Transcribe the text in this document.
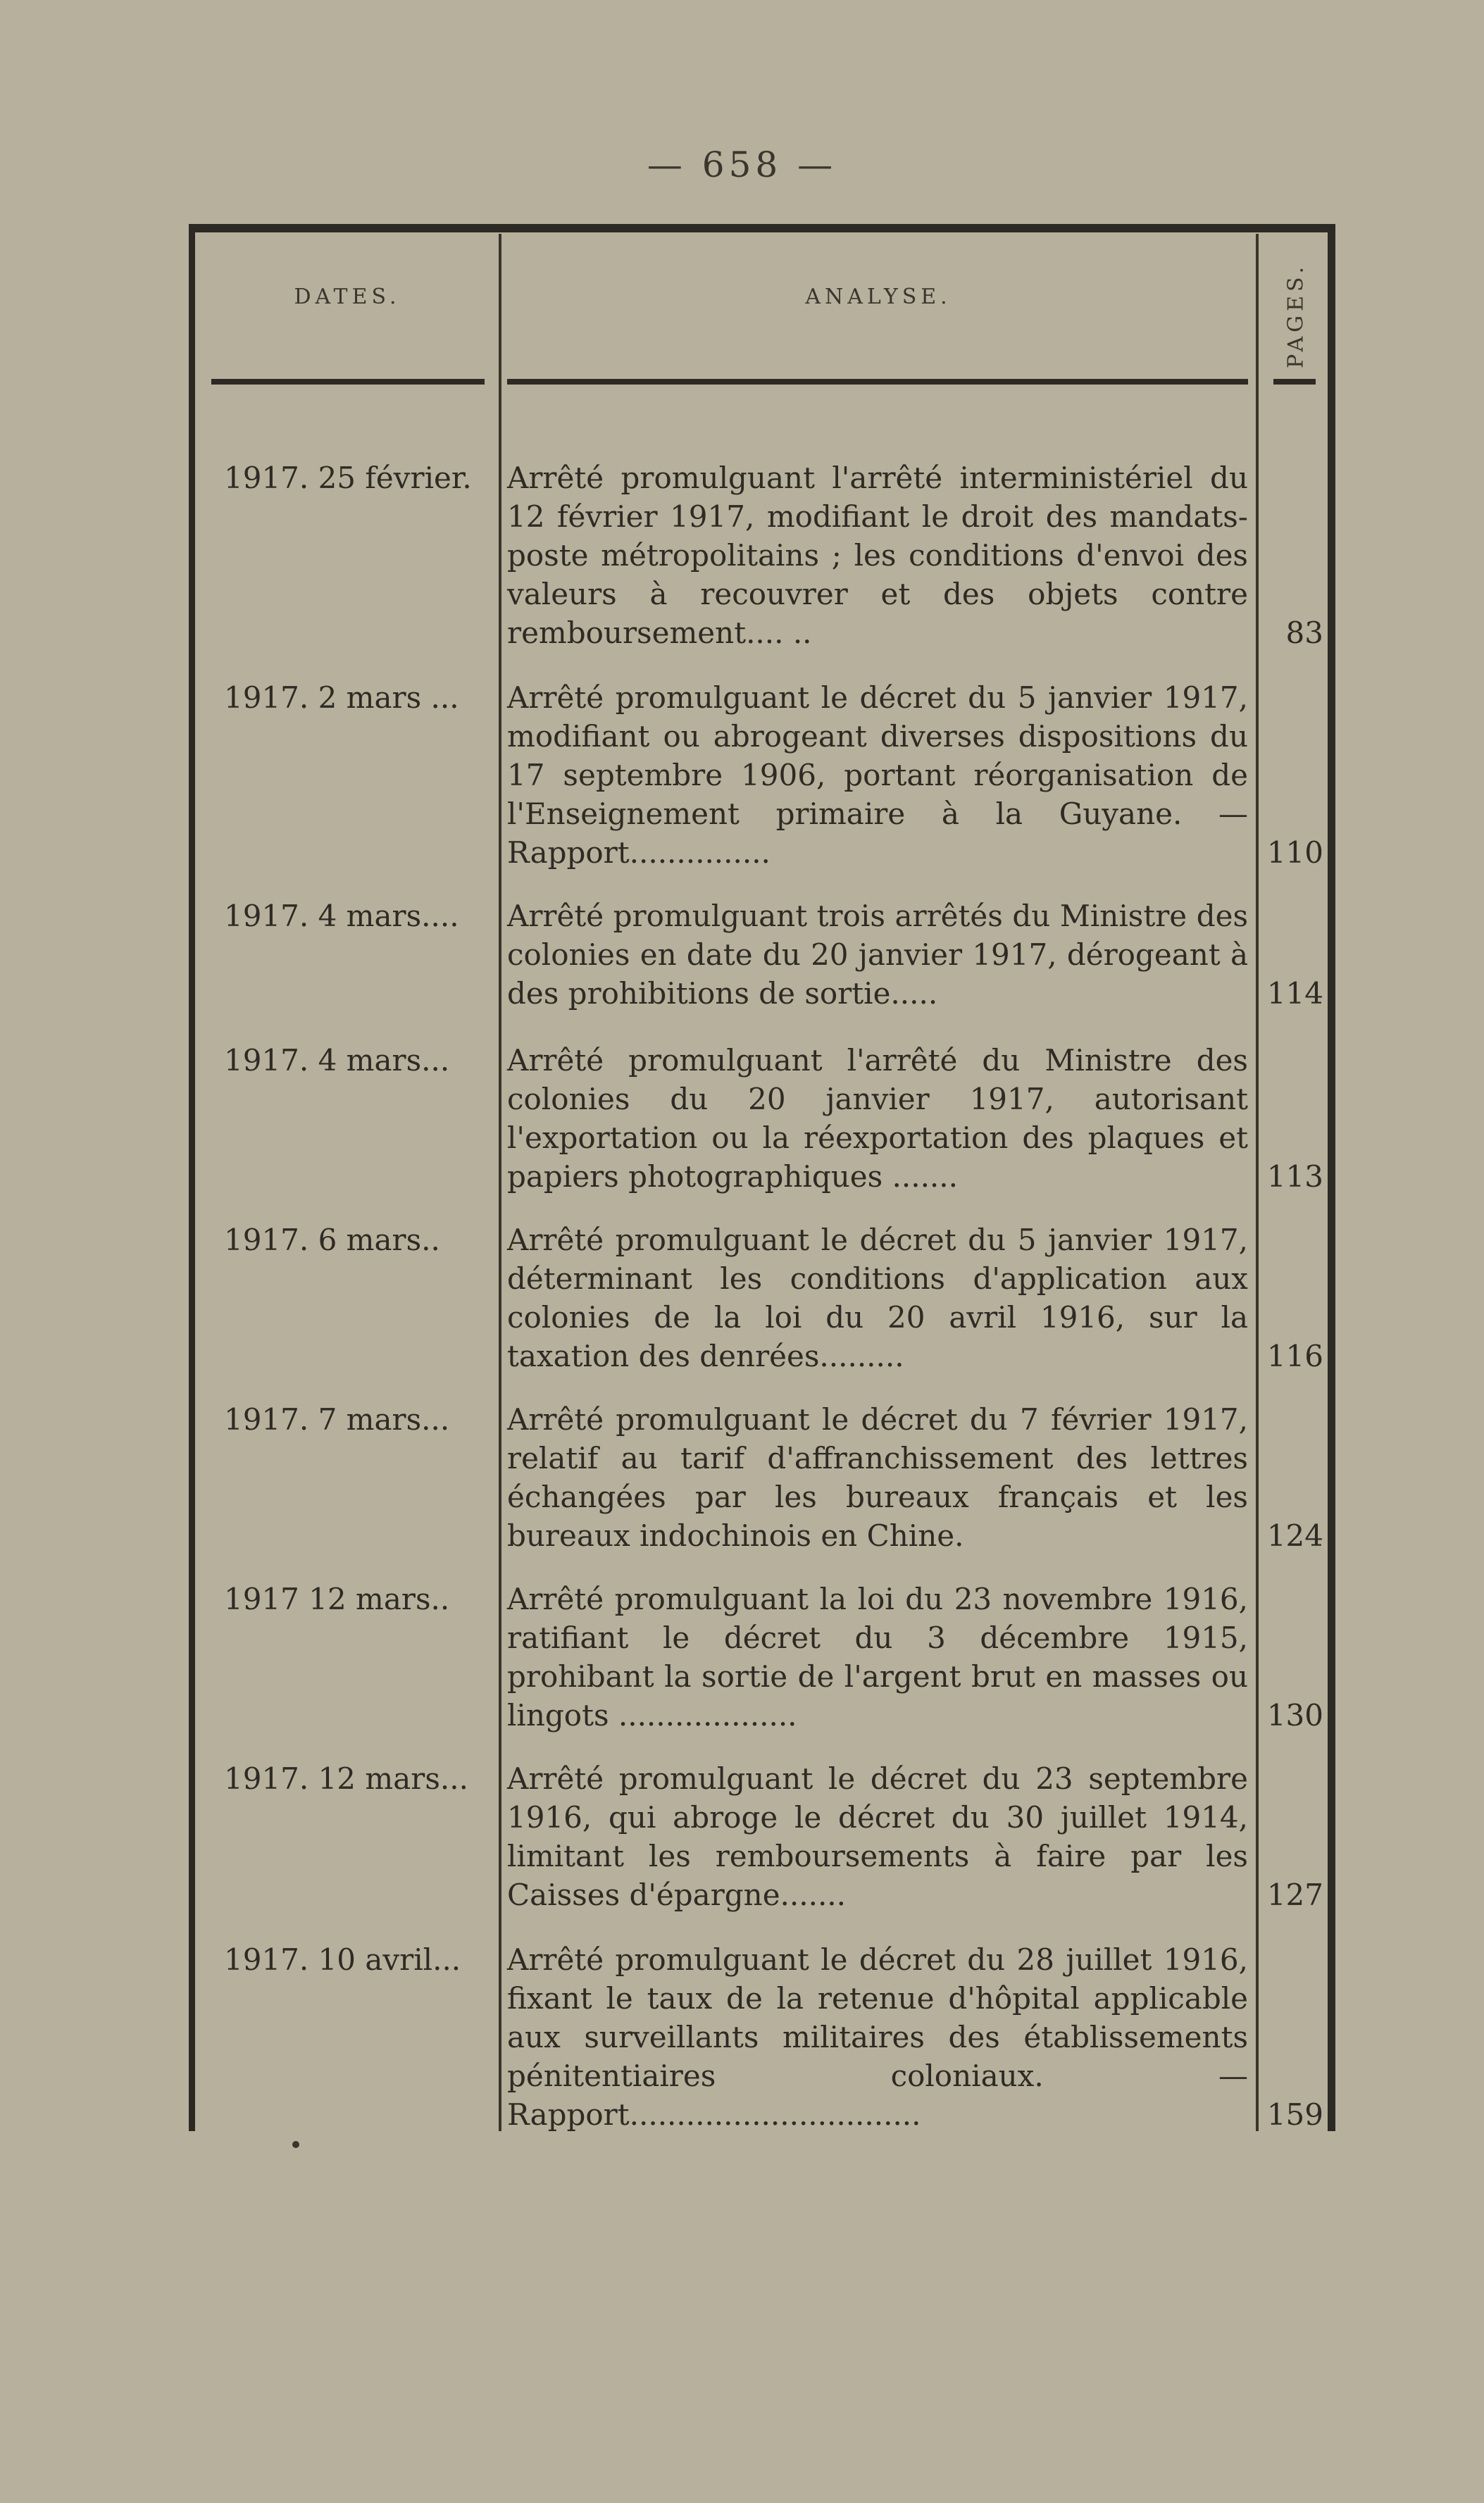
— 658 —
DATES.	ANALYSE.	PAGES.
1917. 25 février. Arrêté promulguant l'arrêté interministériel du 12 février 1917, modifiant le droit des mandats-poste métropolitains ; les conditions d'envoi des valeurs à recouvrer et des objets contre remboursement.... ..	83
1917. 2 mars ... Arrêté promulguant le décret du 5 janvier 1917, modifiant ou abrogeant diverses dispositions du 17 septembre 1906, portant réorganisation de l'Enseignement primaire à la Guyane. — Rapport...............	110
1917. 4 mars.... Arrêté promulguant trois arrêtés du Ministre des colonies en date du 20 janvier 1917, dérogeant à des prohibitions de sortie.....	114
1917. 4 mars... Arrêté promulguant l'arrêté du Ministre des colonies du 20 janvier 1917, autorisant l'exportation ou la réexportation des plaques et papiers photographiques .......	113
1917. 6 mars.. Arrêté promulguant le décret du 5 janvier 1917, déterminant les conditions d'application aux colonies de la loi du 20 avril 1916, sur la taxation des denrées.........	116
1917. 7 mars... Arrêté promulguant le décret du 7 février 1917, relatif au tarif d'affranchissement des lettres échangées par les bureaux français et les bureaux indochinois en Chine.	124
1917 12 mars.. Arrêté promulguant la loi du 23 novembre 1916, ratifiant le décret du 3 décembre 1915, prohibant la sortie de l'argent brut en masses ou lingots ...................	130
1917. 12 mars... Arrêté promulguant le décret du 23 septembre 1916, qui abroge le décret du 30 juillet 1914, limitant les remboursements à faire par les Caisses d'épargne.......	127
1917. 10 avril... Arrêté promulguant le décret du 28 juillet 1916, fixant le taux de la retenue d'hôpital applicable aux surveillants militaires des établissements pénitentiaires coloniaux. — Rapport...............................	159
